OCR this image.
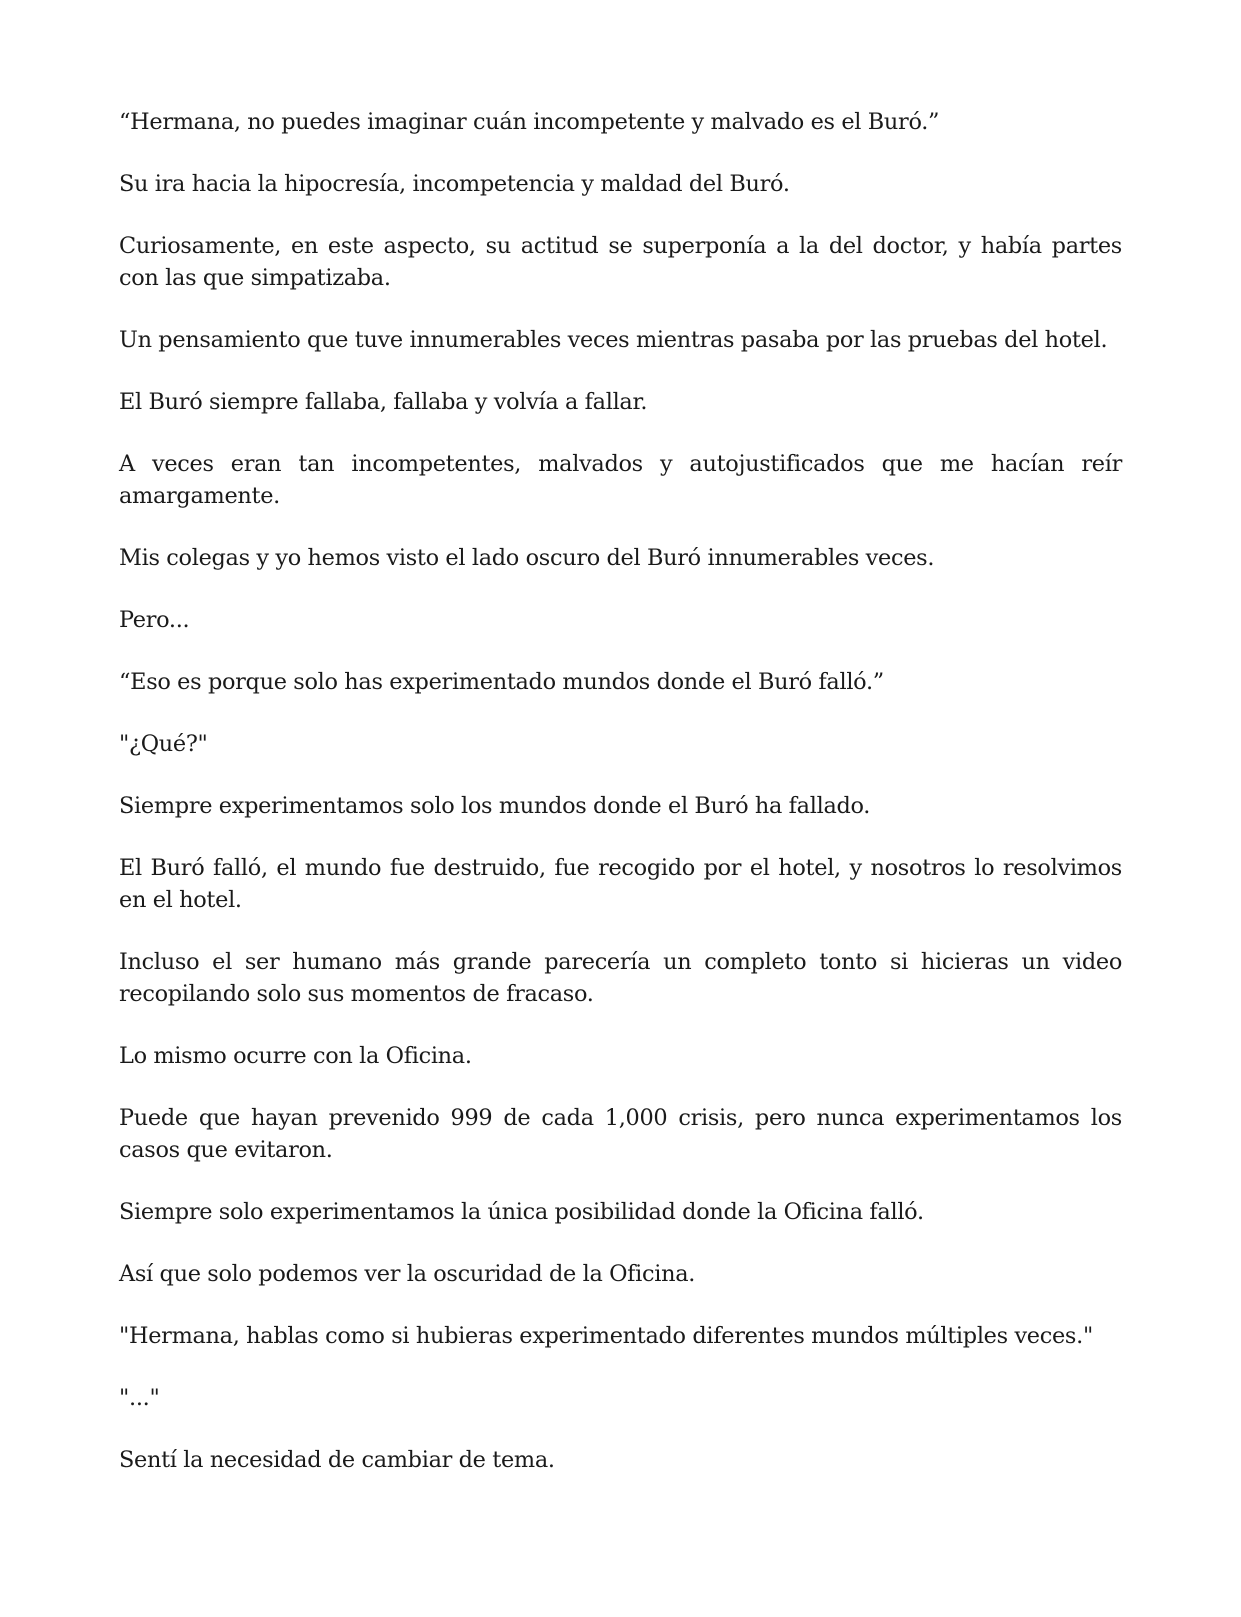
“Hermana, no puedes imaginar cuán incompetente y malvado es el Buró.”

Su ira hacia la hipocresía, incompetencia y maldad del Buró.

Curiosamente, en este aspecto, su actitud se superponía a la del doctor, y había partes con las que simpatizaba.

Un pensamiento que tuve innumerables veces mientras pasaba por las pruebas del hotel.

El Buró siempre fallaba, fallaba y volvía a fallar.

A veces eran tan incompetentes, malvados y autojustificados que me hacían reír amargamente.

Mis colegas y yo hemos visto el lado oscuro del Buró innumerables veces.

Pero...

“Eso es porque solo has experimentado mundos donde el Buró falló.”

"¿Qué?"

Siempre experimentamos solo los mundos donde el Buró ha fallado.

El Buró falló, el mundo fue destruido, fue recogido por el hotel, y nosotros lo resolvimos en el hotel.

Incluso el ser humano más grande parecería un completo tonto si hicieras un video recopilando solo sus momentos de fracaso.

Lo mismo ocurre con la Oficina.

Puede que hayan prevenido 999 de cada 1,000 crisis, pero nunca experimentamos los casos que evitaron.

Siempre solo experimentamos la única posibilidad donde la Oficina falló.

Así que solo podemos ver la oscuridad de la Oficina.

"Hermana, hablas como si hubieras experimentado diferentes mundos múltiples veces."

"..."

Sentí la necesidad de cambiar de tema.
